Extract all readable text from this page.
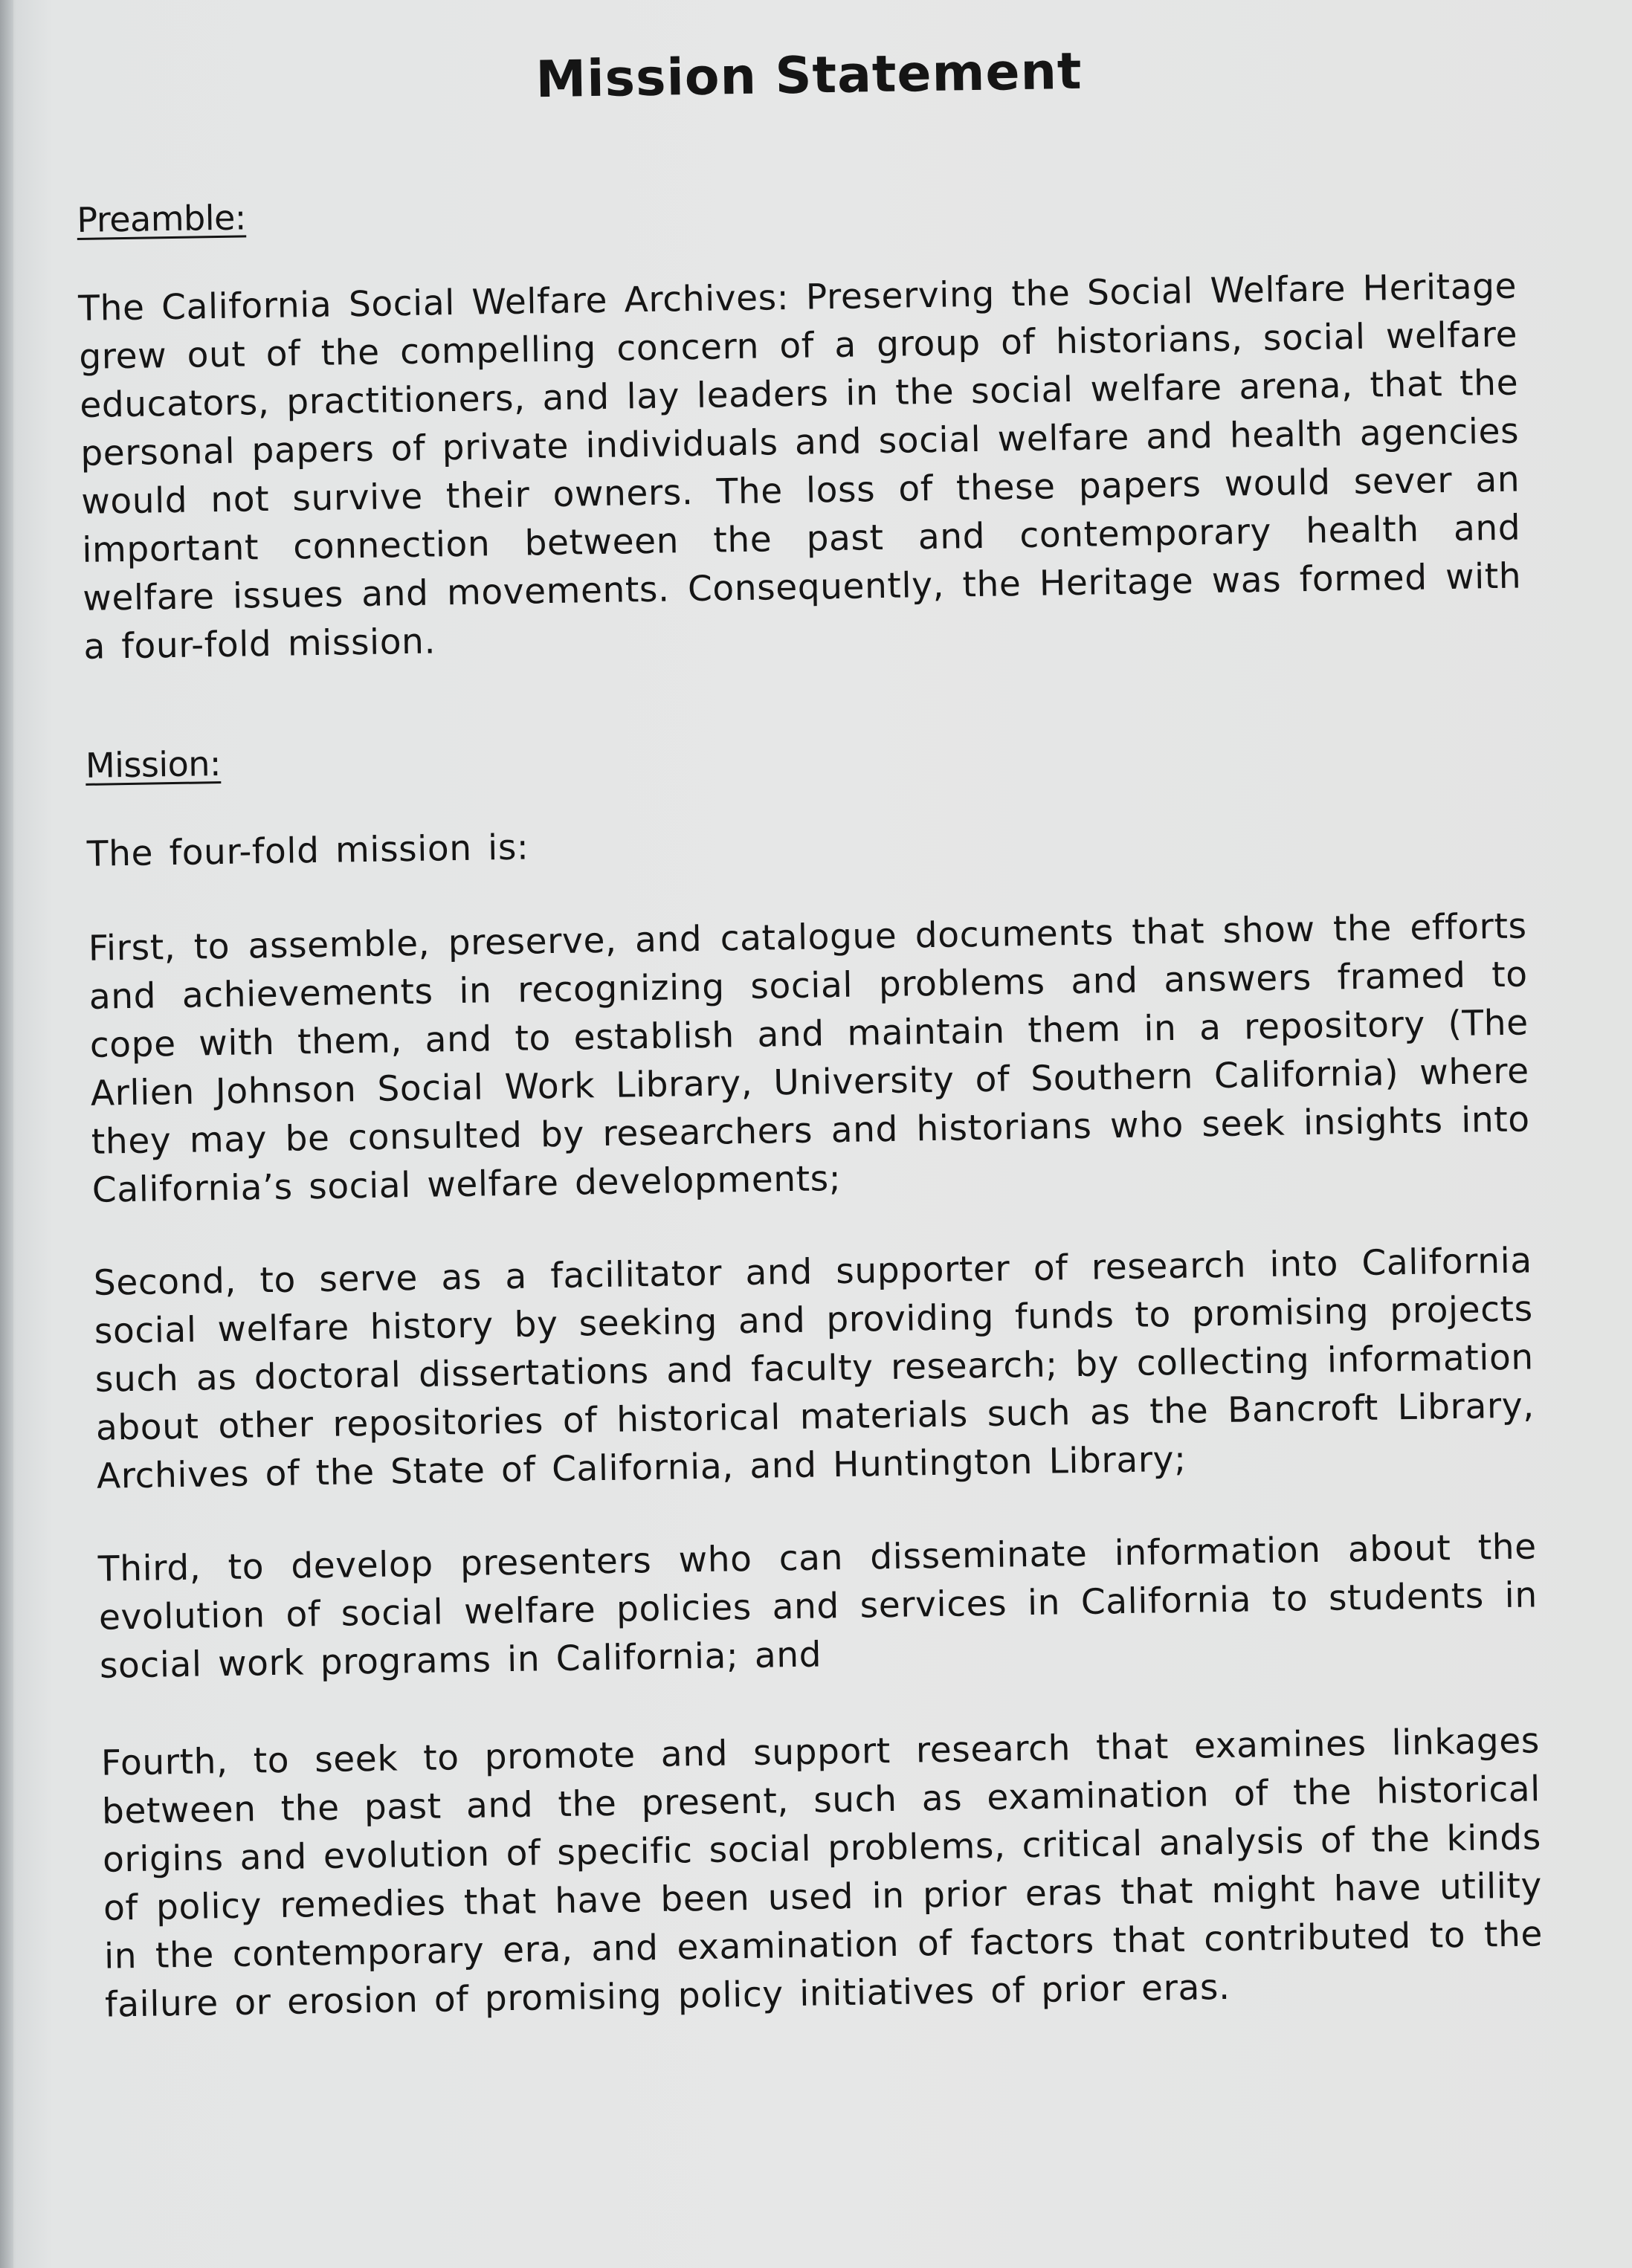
Mission Statement
Preamble:

The California Social Welfare Archives: Preserving the Social Welfare Heritage grew out of the compelling concern of a group of historians, social welfare educators, practitioners, and lay leaders in the social welfare arena, that the personal papers of private individuals and social welfare and health agencies would not survive their owners. The loss of these papers would sever an important connection between the past and contemporary health and welfare issues and movements. Consequently, the Heritage was formed with a four-fold mission.

Mission:

The four-fold mission is:

First, to assemble, preserve, and catalogue documents that show the efforts and achievements in recognizing social problems and answers framed to cope with them, and to establish and maintain them in a repository (The Arlien Johnson Social Work Library, University of Southern California) where they may be consulted by researchers and historians who seek insights into California’s social welfare developments;

Second, to serve as a facilitator and supporter of research into California social welfare history by seeking and providing funds to promising projects such as doctoral dissertations and faculty research; by collecting information about other repositories of historical materials such as the Bancroft Library, Archives of the State of California, and Huntington Library;

Third, to develop presenters who can disseminate information about the evolution of social welfare policies and services in California to students in social work programs in California; and

Fourth, to seek to promote and support research that examines linkages between the past and the present, such as examination of the historical origins and evolution of specific social problems, critical analysis of the kinds of policy remedies that have been used in prior eras that might have utility in the contemporary era, and examination of factors that contributed to the failure or erosion of promising policy initiatives of prior eras.
